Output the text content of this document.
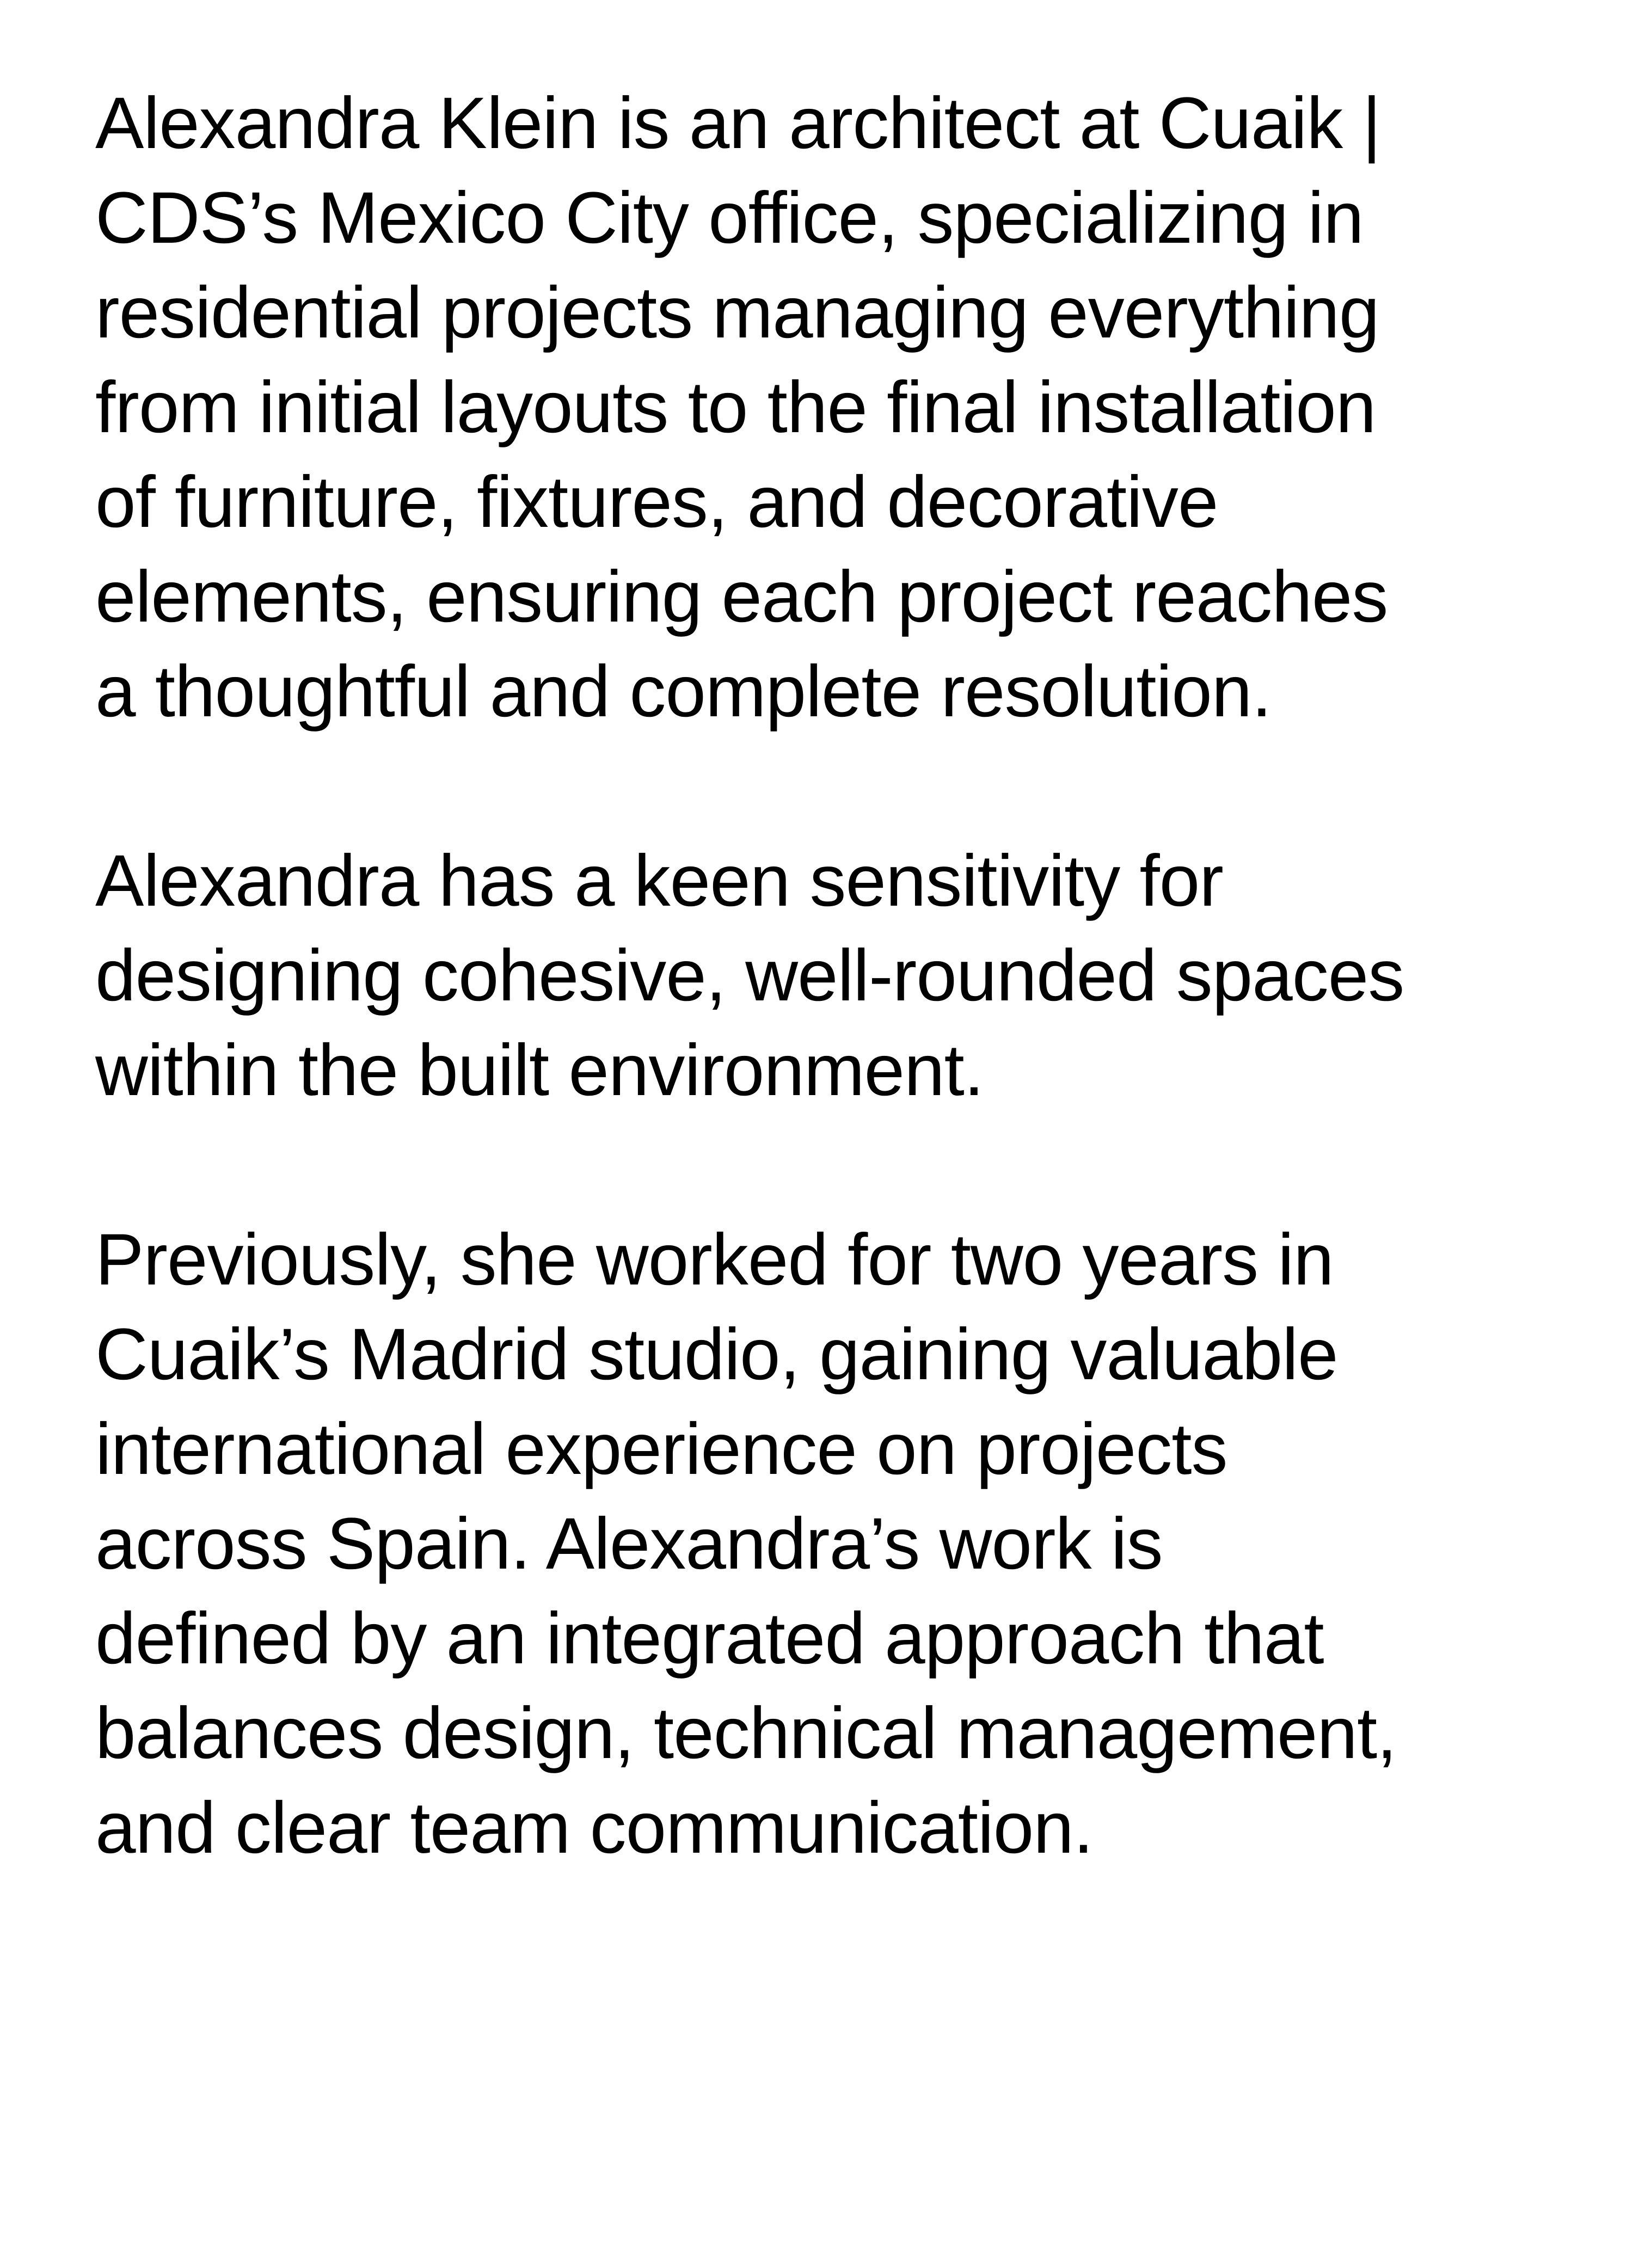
Alexandra Klein is an architect at Cuaik |
CDS’s Mexico City office, specializing in
residential projects managing everything
from initial layouts to the final installation
of furniture, fixtures, and decorative
elements, ensuring each project reaches
a thoughtful and complete resolution.

Alexandra has a keen sensitivity for
designing cohesive, well-rounded spaces
within the built environment.

Previously, she worked for two years in
Cuaik’s Madrid studio, gaining valuable
international experience on projects
across Spain. Alexandra’s work is
defined by an integrated approach that
balances design, technical management,
and clear team communication.
